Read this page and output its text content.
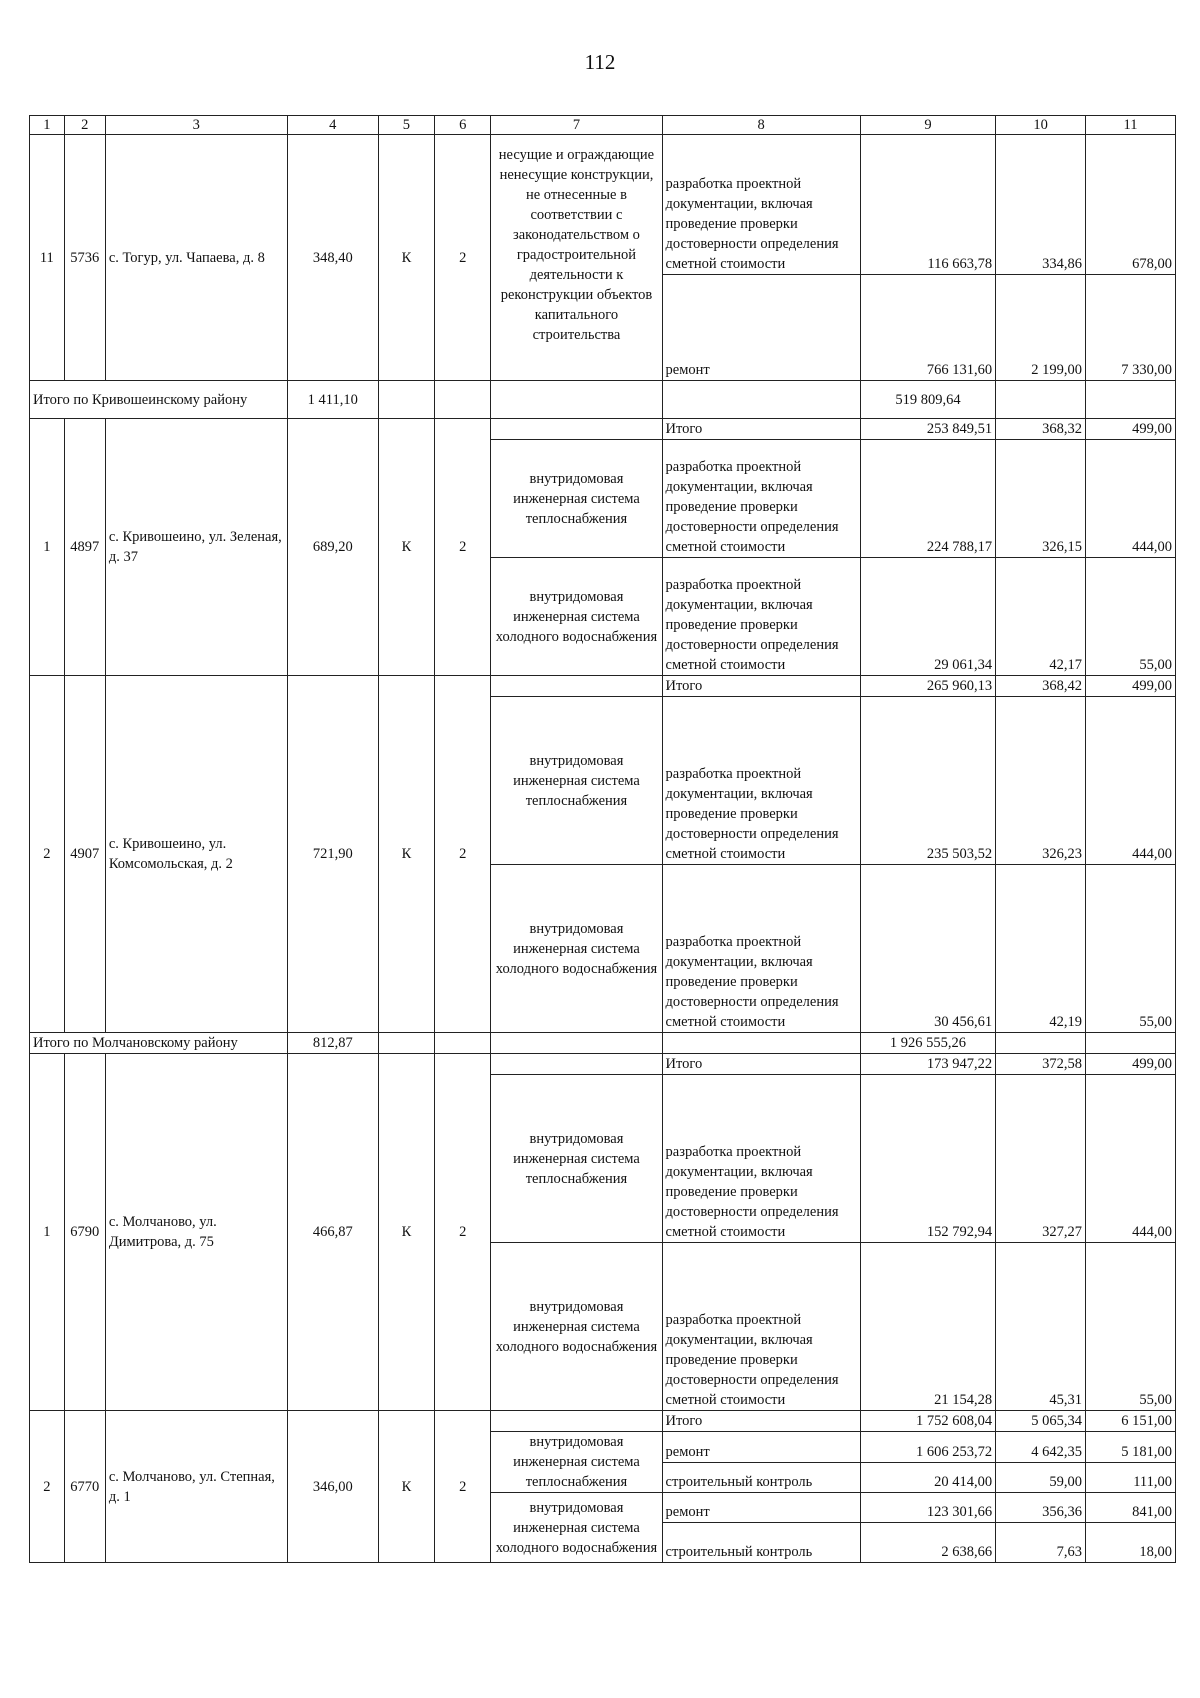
112
1	2	3	4	5	6	7	8	9	10	11
11	5736	с. Тогур, ул. Чапаева, д. 8	348,40	К	2	несущие и ограждающие ненесущие конструкции, не отнесенные в соответствии с законодательством о градостроительной деятельности к реконструкции объектов капитального строительства	разработка проектной документации, включая проведение проверки достоверности определения сметной стоимости	116 663,78	334,86	678,00
							ремонт	766 131,60	2 199,00	7 330,00
Итого по Кривошеинскому району			1 411,10					519 809,64		
1	4897	с. Кривошеино, ул. Зеленая, д. 37	689,20	К	2		Итого	253 849,51	368,32	499,00
						внутридомовая инженерная система теплоснабжения	разработка проектной документации, включая проведение проверки достоверности определения сметной стоимости	224 788,17	326,15	444,00
						внутридомовая инженерная система холодного водоснабжения	разработка проектной документации, включая проведение проверки достоверности определения сметной стоимости	29 061,34	42,17	55,00
2	4907	с. Кривошеино, ул. Комсомольская, д. 2	721,90	К	2		Итого	265 960,13	368,42	499,00
						внутридомовая инженерная система теплоснабжения	разработка проектной документации, включая проведение проверки достоверности определения сметной стоимости	235 503,52	326,23	444,00
						внутридомовая инженерная система холодного водоснабжения	разработка проектной документации, включая проведение проверки достоверности определения сметной стоимости	30 456,61	42,19	55,00
Итого по Молчановскому району			812,87					1 926 555,26		
1	6790	с. Молчаново, ул. Димитрова, д. 75	466,87	К	2		Итого	173 947,22	372,58	499,00
						внутридомовая инженерная система теплоснабжения	разработка проектной документации, включая проведение проверки достоверности определения сметной стоимости	152 792,94	327,27	444,00
						внутридомовая инженерная система холодного водоснабжения	разработка проектной документации, включая проведение проверки достоверности определения сметной стоимости	21 154,28	45,31	55,00
2	6770	с. Молчаново, ул. Степная, д. 1	346,00	К	2		Итого	1 752 608,04	5 065,34	6 151,00
						внутридомовая инженерная система теплоснабжения	ремонт	1 606 253,72	4 642,35	5 181,00
							строительный контроль	20 414,00	59,00	111,00
						внутридомовая инженерная система холодного водоснабжения	ремонт	123 301,66	356,36	841,00
							строительный контроль	2 638,66	7,63	18,00
